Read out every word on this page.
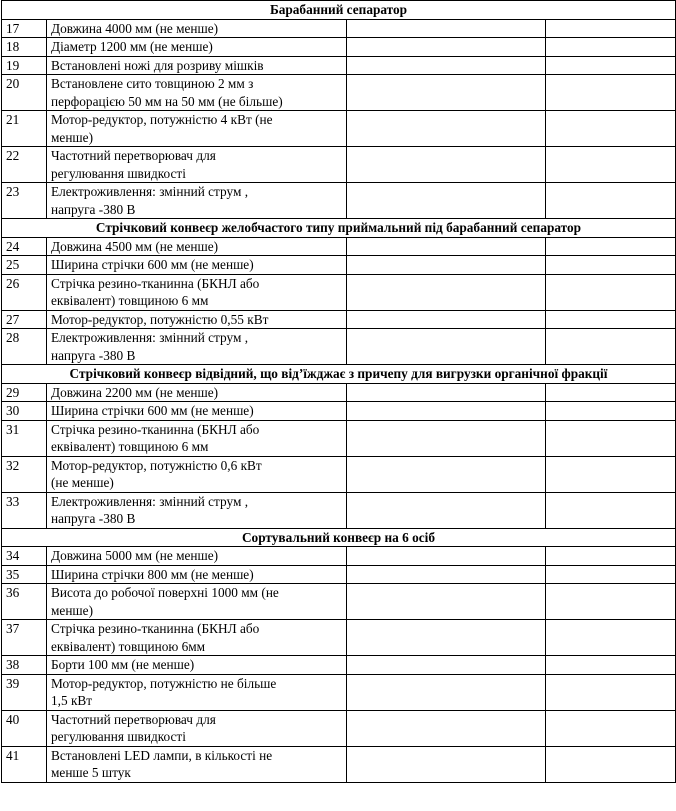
Барабанний сепаратор			
17	Довжина 4000 мм (не менше)		
18	Діаметр 1200 мм (не менше)		
19	Встановлені ножі для розриву мішків		
20	Встановлене сито товщиною 2 мм з
перфорацією 50 мм на 50 мм (не більше)		
21	Мотор-редуктор, потужністю 4 кВт (не
менше)		
22	Частотний перетворювач для
регулювання швидкості		
23	Електроживлення: змінний струм ,
напруга -380 В		
Стрічковий конвеєр желобчастого типу приймальний під барабанний сепаратор			
24	Довжина 4500 мм (не менше)		
25	Ширина стрічки 600 мм (не менше)		
26	Стрічка резино-тканинна (БКНЛ або
еквівалент) товщиною 6 мм		
27	Мотор-редуктор, потужністю 0,55 кВт		
28	Електроживлення: змінний струм ,
напруга -380 В		
Стрічковий конвеєр відвідний, що від’їжджає з причепу для вигрузки органічної фракції			
29	Довжина 2200 мм (не менше)		
30	Ширина стрічки 600 мм (не менше)		
31	Стрічка резино-тканинна (БКНЛ або
еквівалент) товщиною 6 мм		
32	Мотор-редуктор, потужністю 0,6 кВт
(не менше)		
33	Електроживлення: змінний струм ,
напруга -380 В		
Сортувальний конвеєр на 6 осіб			
34	Довжина 5000 мм (не менше)		
35	Ширина стрічки 800 мм (не менше)		
36	Висота до робочої поверхні 1000 мм (не
менше)		
37	Стрічка резино-тканинна (БКНЛ або
еквівалент) товщиною 6мм		
38	Борти 100 мм (не менше)		
39	Мотор-редуктор, потужністю не більше
1,5 кВт		
40	Частотний перетворювач для
регулювання швидкості		
41	Встановлені LED лампи, в кількості не
менше 5 штук		
